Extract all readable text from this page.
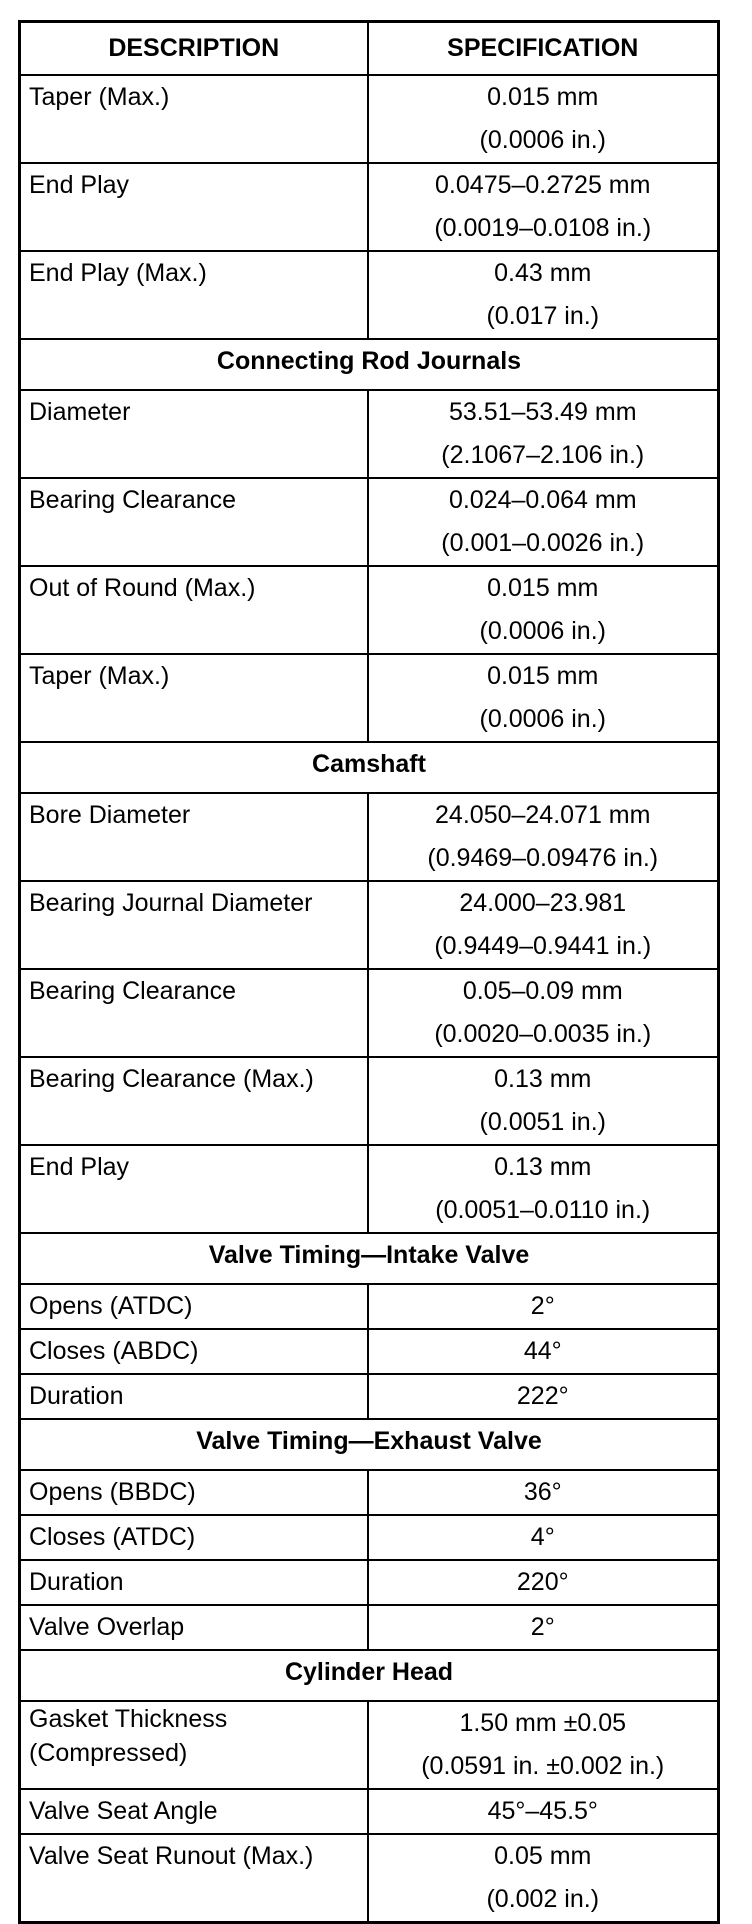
DESCRIPTION	SPECIFICATION

Taper (Max.)	0.015 mm
(0.0006 in.)

End Play	0.0475–0.2725 mm
(0.0019–0.0108 in.)

End Play (Max.)	0.43 mm
(0.017 in.)

Connecting Rod Journals	

Diameter	53.51–53.49 mm
(2.1067–2.106 in.)

Bearing Clearance	0.024–0.064 mm
(0.001–0.0026 in.)

Out of Round (Max.)	0.015 mm
(0.0006 in.)

Taper (Max.)	0.015 mm
(0.0006 in.)

Camshaft	

Bore Diameter	24.050–24.071 mm
(0.9469–0.09476 in.)

Bearing Journal Diameter	24.000–23.981
(0.9449–0.9441 in.)

Bearing Clearance	0.05–0.09 mm
(0.0020–0.0035 in.)

Bearing Clearance (Max.)	0.13 mm
(0.0051 in.)

End Play	0.13 mm
(0.0051–0.0110 in.)

Valve Timing—Intake Valve	

Opens (ATDC)	2°

Closes (ABDC)	44°

Duration	222°

Valve Timing—Exhaust Valve	

Opens (BBDC)	36°

Closes (ATDC)	4°

Duration	220°

Valve Overlap	2°

Cylinder Head	

Gasket Thickness
(Compressed)	1.50 mm ±0.05
(0.0591 in. ±0.002 in.)

Valve Seat Angle	45°–45.5°

Valve Seat Runout (Max.)	0.05 mm
(0.002 in.)
